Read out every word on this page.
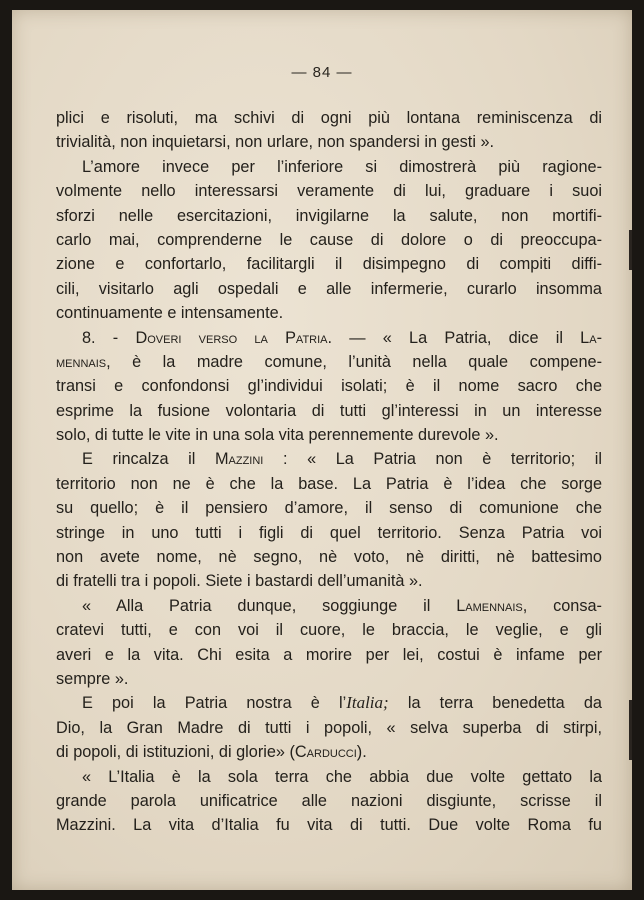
— 84 —
plici e risoluti, ma schivi di ogni più lontana reminiscenza di
trivialità, non inquietarsi, non urlare, non spandersi in gesti ».
L’amore invece per l’inferiore si dimostrerà più ragione-
volmente nello interessarsi veramente di lui, graduare i suoi
sforzi nelle esercitazioni, invigilarne la salute, non mortifi-
carlo mai, comprenderne le cause di dolore o di preoccupa-
zione e confortarlo, facilitargli il disimpegno di compiti diffi-
cili, visitarlo agli ospedali e alle infermerie, curarlo insomma
continuamente e intensamente.
8. - Doveri verso la Patria. — « La Patria, dice il La-
mennais, è la madre comune, l’unità nella quale compene-
transi e confondonsi gl’individui isolati; è il nome sacro che
esprime la fusione volontaria di tutti gl’interessi in un interesse
solo, di tutte le vite in una sola vita perennemente durevole ».
E rincalza il Mazzini : « La Patria non è territorio; il
territorio non ne è che la base. La Patria è l’idea che sorge
su quello; è il pensiero d’amore, il senso di comunione che
stringe in uno tutti i figli di quel territorio. Senza Patria voi
non avete nome, nè segno, nè voto, nè diritti, nè battesimo
di fratelli tra i popoli. Siete i bastardi dell’umanità ».
« Alla Patria dunque, soggiunge il Lamennais, consa-
cratevi tutti, e con voi il cuore, le braccia, le veglie, e gli
averi e la vita. Chi esita a morire per lei, costui è infame per
sempre ».
E poi la Patria nostra è l’Italia; la terra benedetta da
Dio, la Gran Madre di tutti i popoli, « selva superba di stirpi,
di popoli, di istituzioni, di glorie» (Carducci).
« L’Italia è la sola terra che abbia due volte gettato la
grande parola unificatrice alle nazioni disgiunte, scrisse il
Mazzini. La vita d’Italia fu vita di tutti. Due volte Roma fu
